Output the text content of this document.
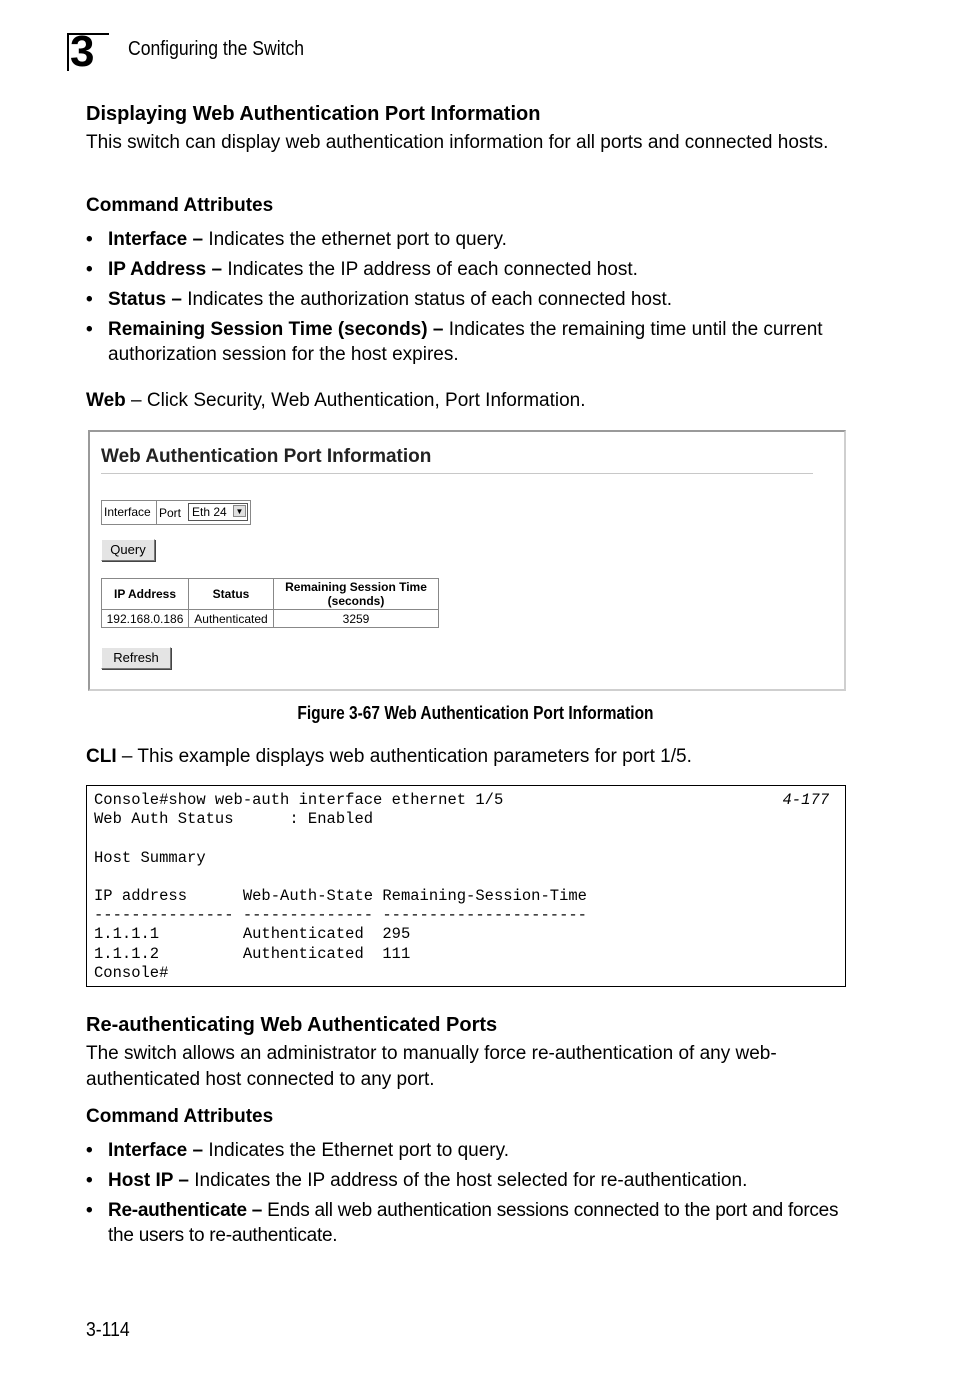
3 Configuring the Switch
Displaying Web Authentication Port Information

This switch can display web authentication information for all ports and connected hosts.

Command Attributes
• Interface – Indicates the ethernet port to query.
• IP Address – Indicates the IP address of each connected host.
• Status – Indicates the authorization status of each connected host.
• Remaining Session Time (seconds) – Indicates the remaining time until the current authorization session for the host expires.

Web – Click Security, Web Authentication, Port Information.

Web Authentication Port Information
Interface Port Eth 24	▼
Query
IP Address	Status	Remaining Session Time (seconds)
192.168.0.186	Authenticated	3259
Refresh
Figure 3-67 Web Authentication Port Information

CLI – This example displays web authentication parameters for port 1/5.

Console#show web-auth interface ethernet 1/5
Web Auth Status      : Enabled

Host Summary

IP address      Web-Auth-State Remaining-Session-Time
--------------- -------------- ----------------------
1.1.1.1         Authenticated  295
1.1.1.2         Authenticated  111
Console#
4-177
Re-authenticating Web Authenticated Ports

The switch allows an administrator to manually force re-authentication of any web-authenticated host connected to any port.

Command Attributes
• Interface – Indicates the Ethernet port to query.
• Host IP – Indicates the IP address of the host selected for re-authentication.
• Re-authenticate – Ends all web authentication sessions connected to the port and forces the users to re-authenticate.
3-114
